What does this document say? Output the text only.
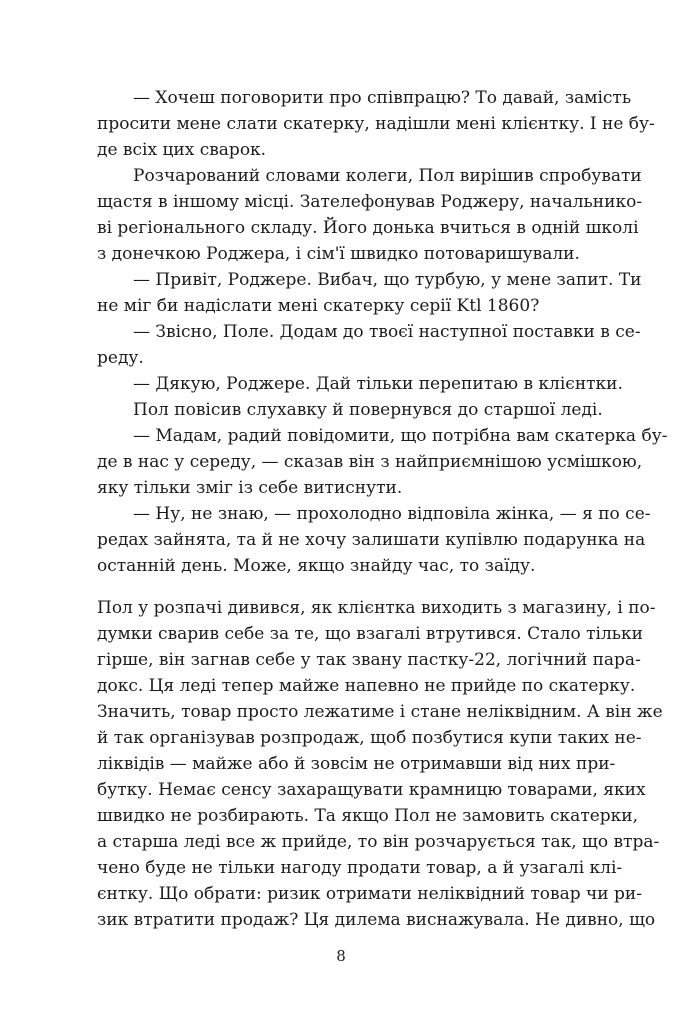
— Хочеш поговорити про співпрацю? То давай, замість

просити мене слати скатерку, надішли мені клієнтку. І не бу-

де всіх цих сварок.

Розчарований словами колеги, Пол вирішив спробувати

щастя в іншому місці. Зателефонував Роджеру, начальнико-

ві регіонального складу. Його донька вчиться в одній школі

з донечкою Роджера, і сім'ї швидко потоваришували.

— Привіт, Роджере. Вибач, що турбую, у мене запит. Ти

не міг би надіслати мені скатерку серії Ktl 1860?

— Звісно, Поле. Додам до твоєї наступної поставки в се-

реду.

— Дякую, Роджере. Дай тільки перепитаю в клієнтки.

Пол повісив слухавку й повернувся до старшої леді.

— Мадам, радий повідомити, що потрібна вам скатерка бу-

де в нас у середу, — сказав він з найприємнішою усмішкою,

яку тільки зміг із себе витиснути.

— Ну, не знаю, — прохолодно відповіла жінка, — я по се-

редах зайнята, та й не хочу залишати купівлю подарунка на

останній день. Може, якщо знайду час, то заїду.

Пол у розпачі дивився, як клієнтка виходить з магазину, і по-

думки сварив себе за те, що взагалі втрутився. Стало тільки

гірше, він загнав себе у так звану пастку-22, логічний пара-

докс. Ця леді тепер майже напевно не прийде по скатерку.

Значить, товар просто лежатиме і стане неліквідним. А він же

й так організував розпродаж, щоб позбутися купи таких не-

ліквідів — майже або й зовсім не отримавши від них при-

бутку. Немає сенсу захаращувати крамницю товарами, яких

швидко не розбирають. Та якщо Пол не замовить скатерки,

а старша леді все ж прийде, то він розчарується так, що втра-

чено буде не тільки нагоду продати товар, а й узагалі клі-

єнтку. Що обрати: ризик отримати неліквідний товар чи ри-

зик втратити продаж? Ця дилема виснажувала. Не дивно, що

8
